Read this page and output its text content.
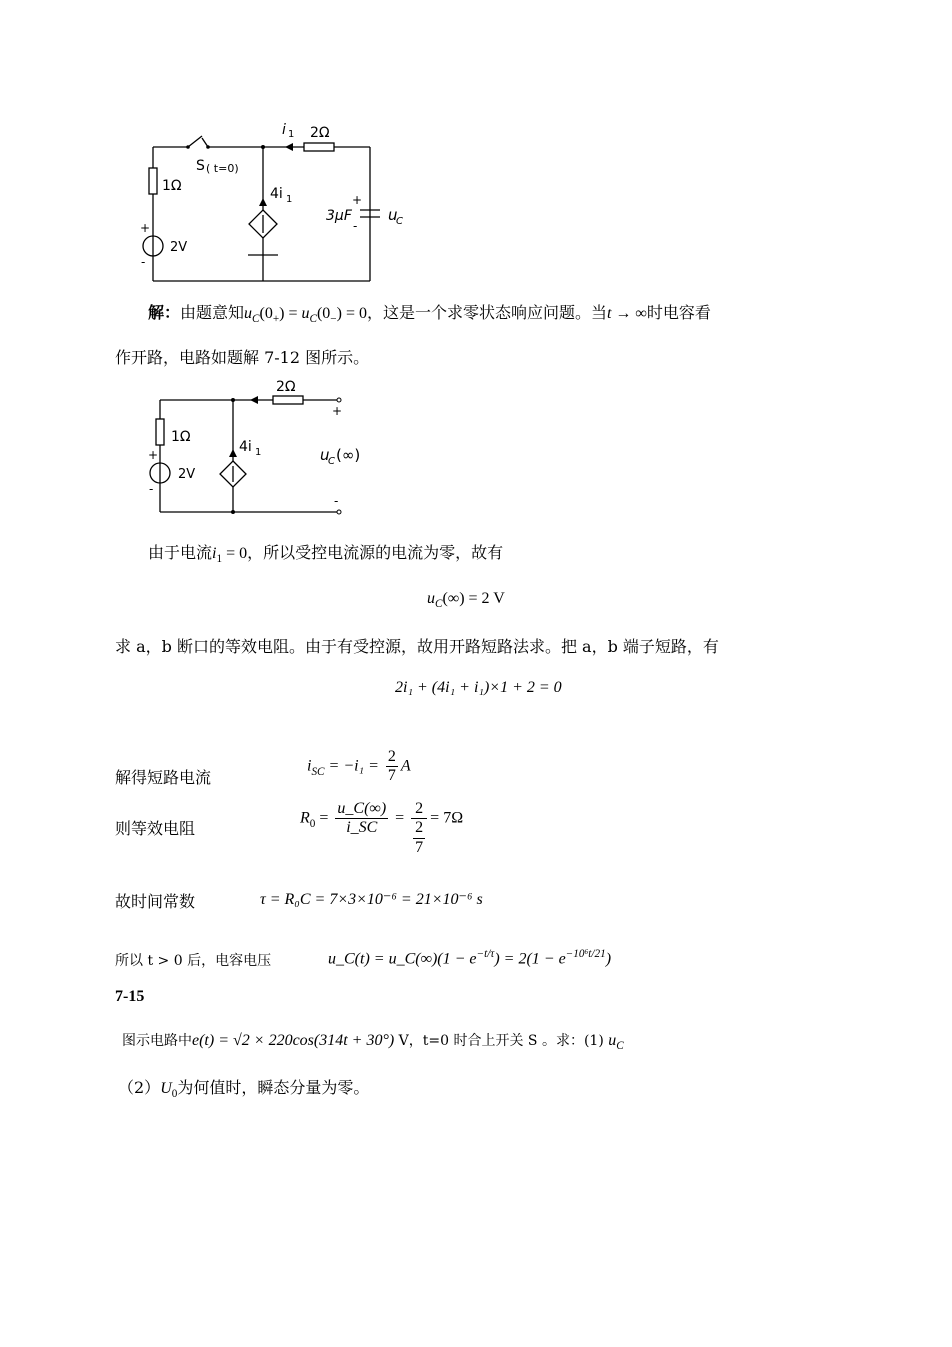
S ( t=0)
i 1 2Ω
1Ω
+
-
2V
4i 1	+
-
3μF u
C
解：由题意知$u_C(0_+) = u_C(0_-) = 0$，这是一个求零状态响应问题。当t → ∞时电容看
作开路，电路如题解 7-12 图所示。
2Ω
1Ω
+
-
2V
4i 1
+
-
u
C (∞)
由于电流$i_1 = 0$，所以受控电流源的电流为零，故有
$u_C(\infty) = 2$ V
求 a，b 断口的等效电阻。由于有受控源，故用开路短路法求。把 a，b 端子短路，有
2i₁ + (4i₁ + i₁)×1 + 2 = 0
解得短路电流
$i_{SC} = -i_1 = \frac{2}{7}$ A
则等效电阻
$R_0 = \frac{u\_C(\infty)}{i\_SC} = \frac{2}{\frac{2}{7}} = 7\Omega$
故时间常数	τ = R₀C = 7×3×10⁻⁶ = 21×10⁻⁶ s
所以 t > 0 后，电容电压	u_C(t) = u_C(∞)(1 − $e^{-t/\tau}) = 2(1 - e^{-10^6t/21})$
7-15
图示电路中e(t) = √2 × 220cos(314t + 30°) V，t=0 时合上开关 S 。求：(1) $u_C$
$(2)U_0$为何值时，瞬态分量为零。
